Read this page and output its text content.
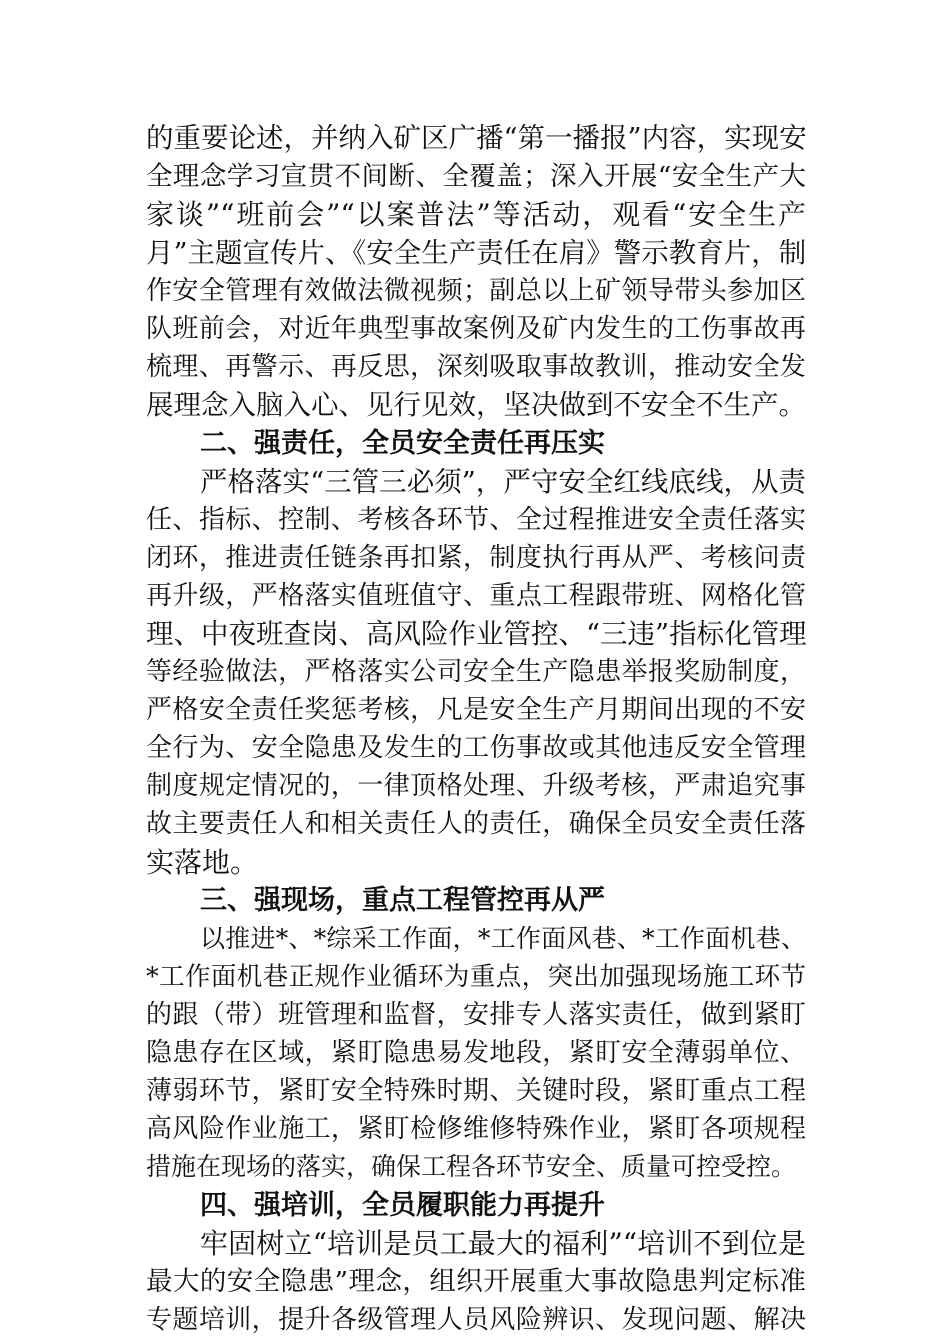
的重要论述，并纳入矿区广播“第一播报”内容，实现安
全理念学习宣贯不间断、全覆盖；深入开展“安全生产大
家谈”“班前会”“以案普法”等活动，观看“安全生产
月”主题宣传片、《安全生产责任在肩》警示教育片，制
作安全管理有效做法微视频；副总以上矿领导带头参加区
队班前会，对近年典型事故案例及矿内发生的工伤事故再
梳理、再警示、再反思，深刻吸取事故教训，推动安全发
展理念入脑入心、见行见效，坚决做到不安全不生产。
二、强责任，全员安全责任再压实
严格落实“三管三必须”，严守安全红线底线，从责
任、指标、控制、考核各环节、全过程推进安全责任落实
闭环，推进责任链条再扣紧，制度执行再从严、考核问责
再升级，严格落实值班值守、重点工程跟带班、网格化管
理、中夜班查岗、高风险作业管控、“三违”指标化管理
等经验做法，严格落实公司安全生产隐患举报奖励制度，
严格安全责任奖惩考核，凡是安全生产月期间出现的不安
全行为、安全隐患及发生的工伤事故或其他违反安全管理
制度规定情况的，一律顶格处理、升级考核，严肃追究事
故主要责任人和相关责任人的责任，确保全员安全责任落
实落地。
三、强现场，重点工程管控再从严
以推进*、*综采工作面，*工作面风巷、*工作面机巷、
*工作面机巷正规作业循环为重点，突出加强现场施工环节
的跟（带）班管理和监督，安排专人落实责任，做到紧盯
隐患存在区域，紧盯隐患易发地段，紧盯安全薄弱单位、
薄弱环节，紧盯安全特殊时期、关键时段，紧盯重点工程
高风险作业施工，紧盯检修维修特殊作业，紧盯各项规程
措施在现场的落实，确保工程各环节安全、质量可控受控。
四、强培训，全员履职能力再提升
牢固树立“培训是员工最大的福利”“培训不到位是
最大的安全隐患”理念，组织开展重大事故隐患判定标准
专题培训，提升各级管理人员风险辨识、发现问题、解决
